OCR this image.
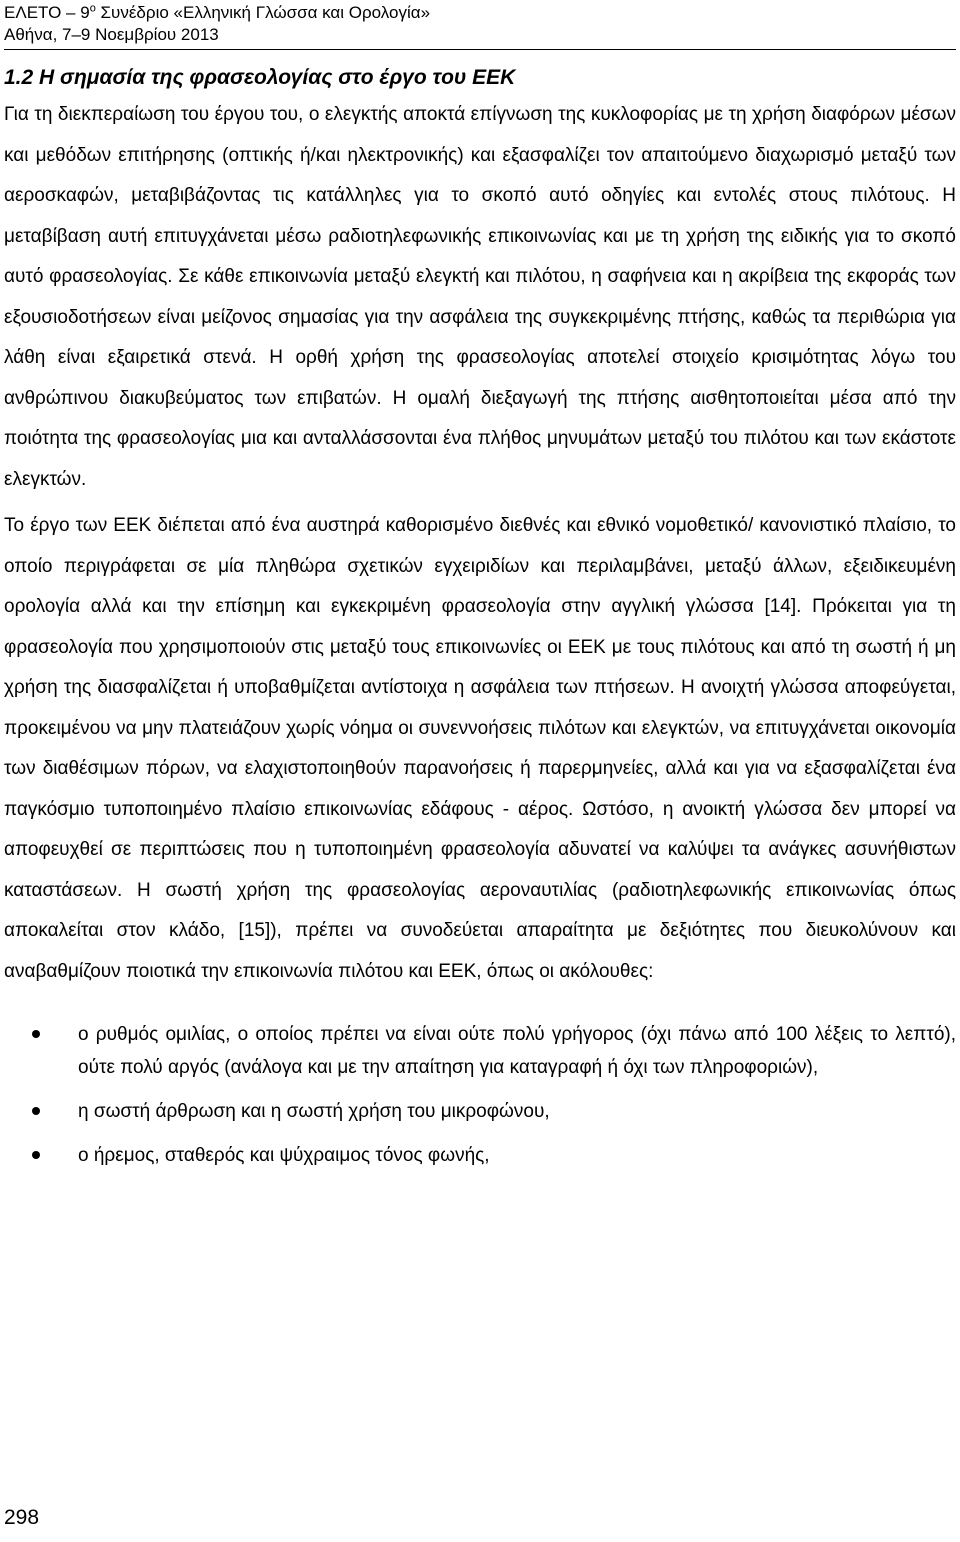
ΕΛΕΤΟ – $9^o$ Συνέδριο «Ελληνική Γλώσσα και Ορολογία»
Αθήνα, 7–9 Νοεμβρίου 2013
1.2 Η σημασία της φρασεολογίας στο έργο του ΕΕΚ

Για τη διεκπεραίωση του έργου του, ο ελεγκτής αποκτά επίγνωση της κυκλοφορίας με τη χρήση διαφόρων μέσων και μεθόδων επιτήρησης (οπτικής ή/και ηλεκτρονικής) και εξασφαλίζει τον απαιτούμενο διαχωρισμό μεταξύ των αεροσκαφών, μεταβιβάζοντας τις κατάλληλες για το σκοπό αυτό οδηγίες και εντολές στους πιλότους. Η μεταβίβαση αυτή επιτυγχάνεται μέσω ραδιοτηλεφωνικής επικοινωνίας και με τη χρήση της ειδικής για το σκοπό αυτό φρασεολογίας. Σε κάθε επικοινωνία μεταξύ ελεγκτή και πιλότου, η σαφήνεια και η ακρίβεια της εκφοράς των εξουσιοδοτήσεων είναι μείζονος σημασίας για την ασφάλεια της συγκεκριμένης πτήσης, καθώς τα περιθώρια για λάθη είναι εξαιρετικά στενά. Η ορθή χρήση της φρασεολογίας αποτελεί στοιχείο κρισιμότητας λόγω του ανθρώπινου διακυβεύματος των επιβατών. Η ομαλή διεξαγωγή της πτήσης αισθητοποιείται μέσα από την ποιότητα της φρασεολογίας μια και ανταλλάσσονται ένα πλήθος μηνυμάτων μεταξύ του πιλότου και των εκάστοτε ελεγκτών.

Το έργο των ΕΕΚ διέπεται από ένα αυστηρά καθορισμένο διεθνές και εθνικό νομοθετικό/ κανονιστικό πλαίσιο, το οποίο περιγράφεται σε μία πληθώρα σχετικών εγχειριδίων και περιλαμβάνει, μεταξύ άλλων, εξειδικευμένη ορολογία αλλά και την επίσημη και εγκεκριμένη φρασεολογία στην αγγλική γλώσσα [14]. Πρόκειται για τη φρασεολογία που χρησιμοποιούν στις μεταξύ τους επικοινωνίες οι ΕΕΚ με τους πιλότους και από τη σωστή ή μη χρήση της διασφαλίζεται ή υποβαθμίζεται αντίστοιχα η ασφάλεια των πτήσεων. Η ανοιχτή γλώσσα αποφεύγεται, προκειμένου να μην πλατειάζουν χωρίς νόημα οι συνεννοήσεις πιλότων και ελεγκτών, να επιτυγχάνεται οικονομία των διαθέσιμων πόρων, να ελαχιστοποιηθούν παρανοήσεις ή παρερμηνείες, αλλά και για να εξασφαλίζεται ένα παγκόσμιο τυποποιημένο πλαίσιο επικοινωνίας εδάφους - αέρος. Ωστόσο, η ανοικτή γλώσσα δεν μπορεί να αποφευχθεί σε περιπτώσεις που η τυποποιημένη φρασεολογία αδυνατεί να καλύψει τα ανάγκες ασυνήθιστων καταστάσεων. Η σωστή χρήση της φρασεολογίας αεροναυτιλίας (ραδιοτηλεφωνικής επικοινωνίας όπως αποκαλείται στον κλάδο, [15]), πρέπει να συνοδεύεται απαραίτητα με δεξιότητες που διευκολύνουν και αναβαθμίζουν ποιοτικά την επικοινωνία πιλότου και ΕΕΚ, όπως οι ακόλουθες:

ο ρυθμός ομιλίας, ο οποίος πρέπει να είναι ούτε πολύ γρήγορος (όχι πάνω από 100 λέξεις το λεπτό), ούτε πολύ αργός (ανάλογα και με την απαίτηση για καταγραφή ή όχι των πληροφοριών),
η σωστή άρθρωση και η σωστή χρήση του μικροφώνου,
ο ήρεμος, σταθερός και ψύχραιμος τόνος φωνής,
298
